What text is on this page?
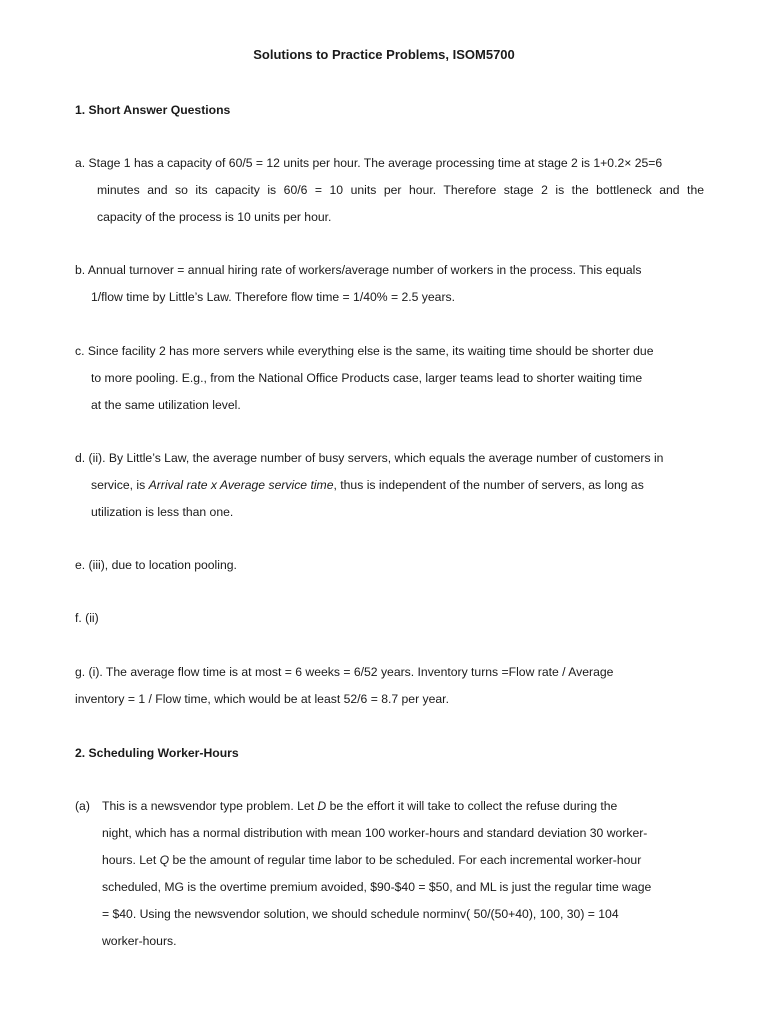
Solutions to Practice Problems, ISOM5700
1. Short Answer Questions
a. Stage 1 has a capacity of 60/5 = 12 units per hour. The average processing time at stage 2 is 1+0.2× 25=6
minutes and so its capacity is 60/6 = 10 units per hour. Therefore stage 2 is the bottleneck and the
capacity of the process is 10 units per hour.
b. Annual turnover = annual hiring rate of workers/average number of workers in the process. This equals
1/flow time by Little’s Law. Therefore flow time = 1/40% = 2.5 years.
c. Since facility 2 has more servers while everything else is the same, its waiting time should be shorter due
to more pooling. E.g., from the National Office Products case, larger teams lead to shorter waiting time
at the same utilization level.
d. (ii). By Little’s Law, the average number of busy servers, which equals the average number of customers in
service, is Arrival rate x Average service time, thus is independent of the number of servers, as long as
utilization is less than one.
e. (iii), due to location pooling.
f. (ii)
g. (i). The average flow time is at most = 6 weeks = 6/52 years. Inventory turns =Flow rate / Average
inventory = 1 / Flow time, which would be at least 52/6 = 8.7 per year.
2. Scheduling Worker-Hours
(a) This is a newsvendor type problem. Let D be the effort it will take to collect the refuse during the
night, which has a normal distribution with mean 100 worker-hours and standard deviation 30 worker-
hours. Let Q be the amount of regular time labor to be scheduled. For each incremental worker-hour
scheduled, MG is the overtime premium avoided, $90-$40 = $50, and ML is just the regular time wage
= $40. Using the newsvendor solution, we should schedule norminv( 50/(50+40), 100, 30) = 104
worker-hours.
